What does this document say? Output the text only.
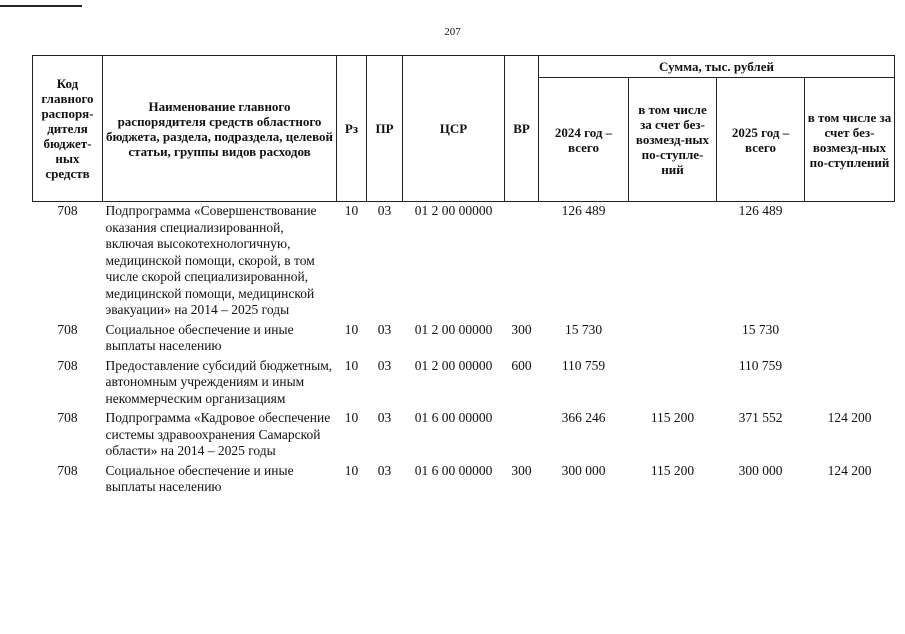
207
Код главного распоря-дителя бюджет-ных средств	Наименование главного распорядителя средств областного бюджета, раздела, подраздела, целевой статьи, группы видов расходов	Рз	ПР	ЦСР	ВР	Сумма, тыс. рублей			
						2024 год – всего	в том числе за счет без-возмезд-ных по-ступле-ний	2025 год – всего	в том числе за счет без-возмезд-ных по-ступлений
708	Подпрограмма «Совершенствование оказания специализированной, включая высокотехнологичную, медицинской помощи, скорой, в том числе скорой специализированной, медицинской помощи, медицинской эвакуации» на 2014 – 2025 годы	10	03	01 2 00 00000		126 489		126 489	
708	Социальное обеспечение и иные выплаты населению	10	03	01 2 00 00000	300	15 730		15 730	
708	Предоставление субсидий бюджетным, автономным учреждениям и иным некоммерческим организациям	10	03	01 2 00 00000	600	110 759		110 759	
708	Подпрограмма «Кадровое обеспечение системы здравоохранения Самарской области» на 2014 – 2025 годы	10	03	01 6 00 00000		366 246	115 200	371 552	124 200
708	Социальное обеспечение и иные выплаты населению	10	03	01 6 00 00000	300	300 000	115 200	300 000	124 200
